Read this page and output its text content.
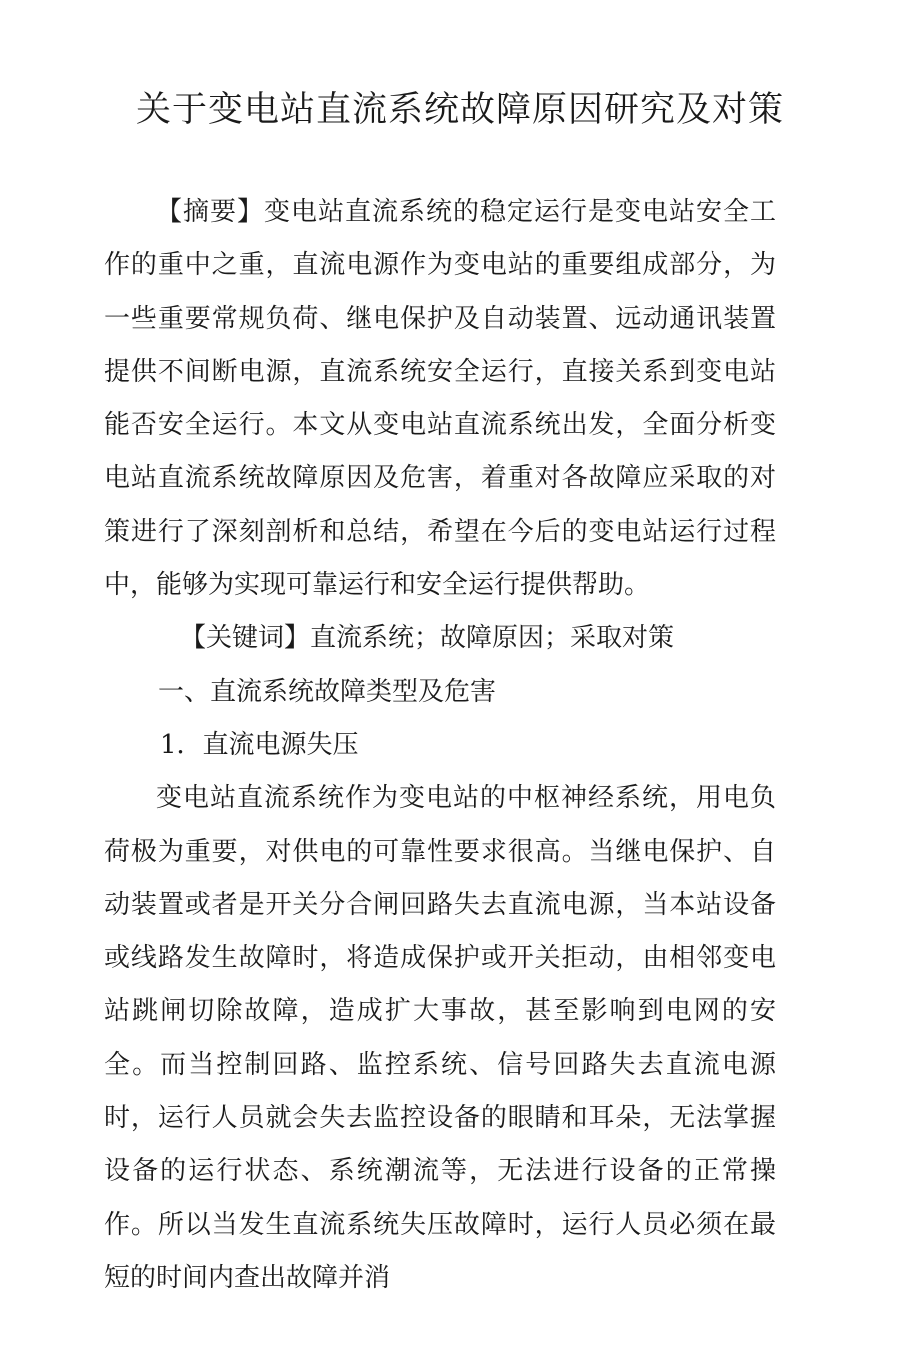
关于变电站直流系统故障原因研究及对策

【摘要】变电站直流系统的稳定运行是变电站安全工作的重中之重，直流电源作为变电站的重要组成部分，为一些重要常规负荷、继电保护及自动装置、远动通讯装置提供不间断电源，直流系统安全运行，直接关系到变电站能否安全运行。本文从变电站直流系统出发，全面分析变电站直流系统故障原因及危害，着重对各故障应采取的对策进行了深刻剖析和总结，希望在今后的变电站运行过程中，能够为实现可靠运行和安全运行提供帮助。

【关键词】直流系统；故障原因；采取对策

一、直流系统故障类型及危害

1．直流电源失压

变电站直流系统作为变电站的中枢神经系统，用电负荷极为重要，对供电的可靠性要求很高。当继电保护、自动装置或者是开关分合闸回路失去直流电源，当本站设备或线路发生故障时，将造成保护或开关拒动，由相邻变电站跳闸切除故障，造成扩大事故，甚至影响到电网的安全。而当控制回路、监控系统、信号回路失去直流电源时，运行人员就会失去监控设备的眼睛和耳朵，无法掌握设备的运行状态、系统潮流等，无法进行设备的正常操作。所以当发生直流系统失压故障时，运行人员必须在最短的时间内查出故障并消
